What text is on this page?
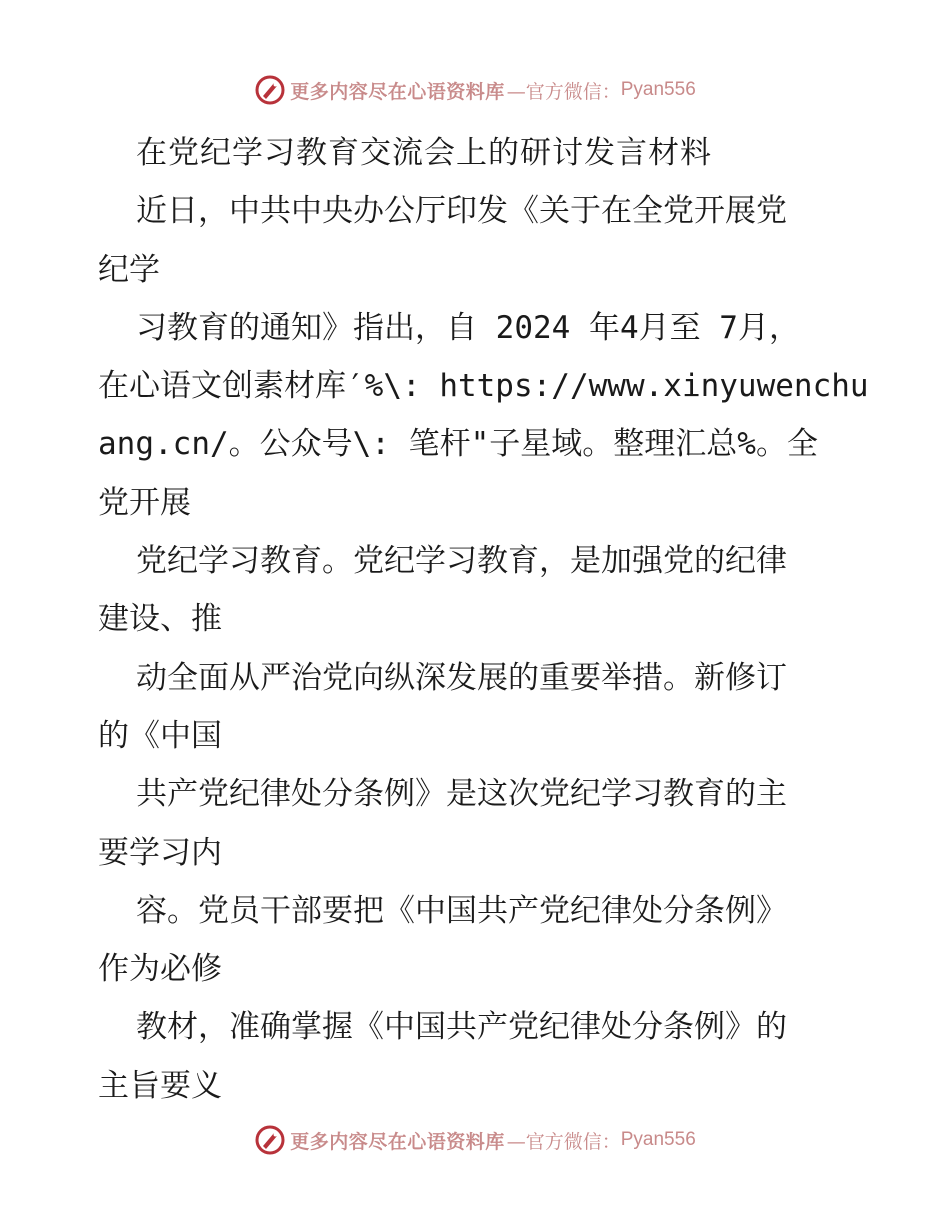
更多内容尽在心语资料库 —官方微信： Pyan556
在党纪学习教育交流会上的研讨发言材料
近日，中共中央办公厅印发《关于在全党开展党
纪学
习教育的通知》指出，自 2024 年4月至 7月，
在心语文创素材库′%\: https://www.xinyuwenchu
ang.cn/。公众号\: 笔杆"子星域。整理汇总%。全
党开展
党纪学习教育。党纪学习教育，是加强党的纪律
建设、推
动全面从严治党向纵深发展的重要举措。新修订
的《中国
共产党纪律处分条例》是这次党纪学习教育的主
要学习内
容。党员干部要把《中国共产党纪律处分条例》
作为必修
教材，准确掌握《中国共产党纪律处分条例》的
主旨要义
更多内容尽在心语资料库 —官方微信： Pyan556
